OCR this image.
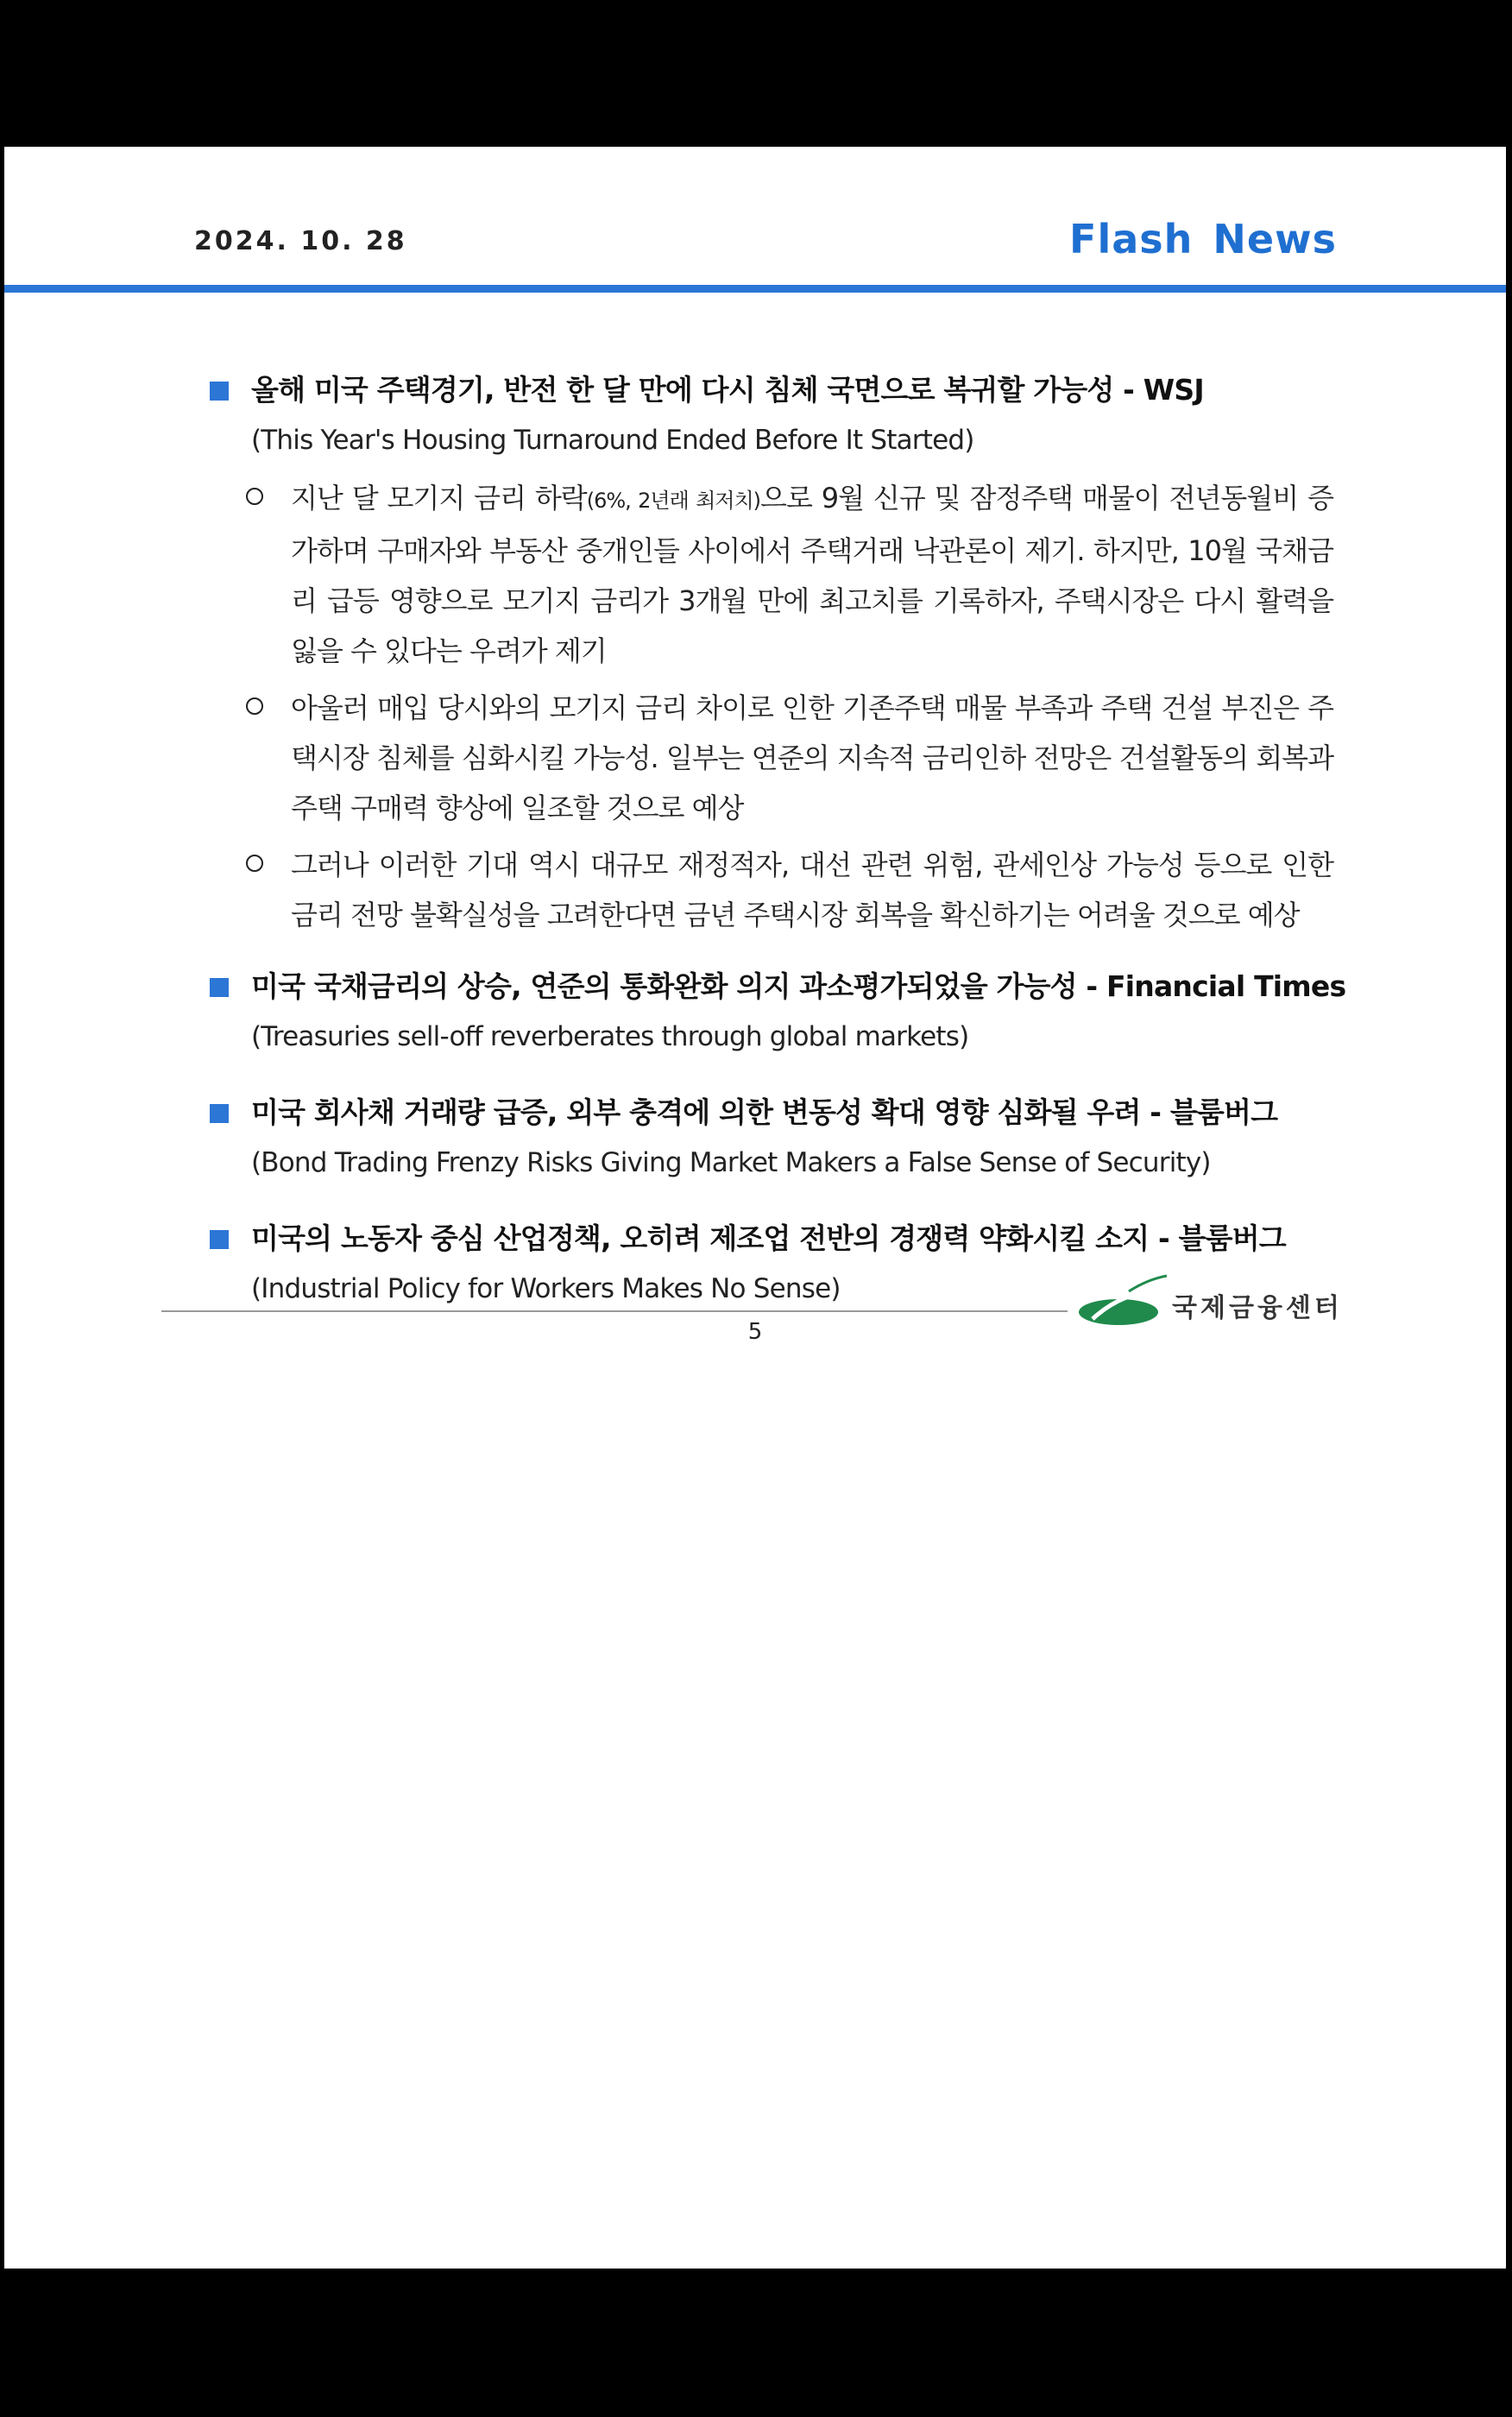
2024. 10. 28	Flash News
올해 미국 주택경기, 반전 한 달 만에 다시 침체 국면으로 복귀할 가능성 - WSJ
(This Year's Housing Turnaround Ended Before It Started)
지난 달 모기지 금리 하락(6%, 2년래 최저치)으로 9월 신규 및 잠정주택 매물이 전년동월비 증가하며 구매자와 부동산 중개인들 사이에서 주택거래 낙관론이 제기. 하지만, 10월 국채금리 급등 영향으로 모기지 금리가 3개월 만에 최고치를 기록하자, 주택시장은 다시 활력을 잃을 수 있다는 우려가 제기
아울러 매입 당시와의 모기지 금리 차이로 인한 기존주택 매물 부족과 주택 건설 부진은 주택시장 침체를 심화시킬 가능성. 일부는 연준의 지속적 금리인하 전망은 건설활동의 회복과 주택 구매력 향상에 일조할 것으로 예상
그러나 이러한 기대 역시 대규모 재정적자, 대선 관련 위험, 관세인상 가능성 등으로 인한 금리 전망 불확실성을 고려한다면 금년 주택시장 회복을 확신하기는 어려울 것으로 예상
미국 국채금리의 상승, 연준의 통화완화 의지 과소평가되었을 가능성 - Financial Times
(Treasuries sell-off reverberates through global markets)
미국 회사채 거래량 급증, 외부 충격에 의한 변동성 확대 영향 심화될 우려 - 블룸버그
(Bond Trading Frenzy Risks Giving Market Makers a False Sense of Security)
미국의 노동자 중심 산업정책, 오히려 제조업 전반의 경쟁력 약화시킬 소지 - 블룸버그
(Industrial Policy for Workers Makes No Sense)
국제금융센터
5
